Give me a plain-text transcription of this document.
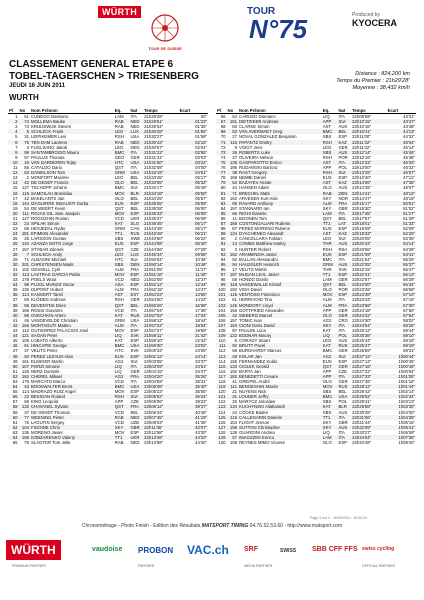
WÜRTH
TOUR DE SUISSE
TOUR
N°75	Produced by
KYOCERA
CLASSEMENT GENERAL ETAPE 6
TOBEL-TAGERSCHEN > TRIESENBERG
JEUDI 16 JUIN 2011
WURTH
Distance : 824,200 km
Temps du Premier : 21h29'28"
Moyenne : 38,432 km/h
Pl	No	Nom Prénom	Eq.	Nat	Temps	Ecart
1	51	CUNEGO Damiano	LAM	ITA	21h29'28"	00"
2	74	MOLLEMA Bauke	RAB	NED	21h29'51"	01'23"
3	73	KRUIJSWIJK Steven	RAB	NED	21h30'04"	01'36"
4	5	SCHLECK Frank	LEO	LUX	21h30'29"	01'56"
5	31	LEIPHEIMER Levi	RSH	USA	21h30'27"	01'59"
6	76	TEN DAM Laurens	RAB	NED	21h30'43"	02'15"
7	3	FUGLSANG Jakob	LEO	DEN	21h30'57"	02'04"
8	99	SANTAMBROGIO Mauro	BMC	ITA	21h31'23"	02'55"
9	57	PAULUS Thomas	GEO	GER	21h31'31"	03'03"
10	16	VAN GARDEREN Tejay	HTC	USA	21h31'50"	03'22"
11	55	CATALDO Dario	QST	ITA	21h32'08"	04'00"
12	63	DANIELSON Tom	GRM	USA	21h33'19"	04'51"
13	2	MONFORT Maxime	LEO	BEL	21h33'45"	05'17"
14	42	DE GENDT Francis	OLO	BEL	21h33'05"	05'32"
15	127	TSCHOPP Johann	BMC	SUI	21h34'17"	05'49"
16	115	SAMOILAU Branislau	MOV	BLR	21h34'18"	05'50"
17	42	BAKELANTS Jan	OLO	BEL	21h34'25"	05'57"
18	144	IZAGUIRRE INSAUSTI Gorka	EUS	ESP	21h35'05"	05'59"
19	54	DE WEERT Kevin	QST	BEL	21h35'28"	06'00"
20	111	ROJAS GIL Jose Joaquin	MOV	ESP	21h35'33"	06'05"
21	127	ROGOZHIN Rusian	VCD	UKR	21h35'37"	06'09"
22	24	SPILAK Simon	KAT	SLO	21h35'45"	06'17"
23	65	HESJEDAL Ryder	GRM	CAN	21h43'45"	06'17"
24	181	EFIMKIN Alexander	TT1	RUS	21h43'49"	06'21"
25	25	LARSSON Gustav	SBS	SWE	21h43'50"	06'22"
26	142	AZANZA NOTO Jorge	EUS	ESP	21h44'08"	06'40"
27	157	STYBAR Zdenek	QST	CZE	21h44'56"	07'28"
28	7	SCHLECK Andy	LEO	LUX	21h46'34"	09'06"
29	71	ALBASINI Michael	HTC	SUI	21h50'04"	10'36"
30	201	CHRISTENSEN Mads	SBS	DEN	21h50'14"	10'46"
31	102	GESSELL Cyril	ALM	FRA	21h51'05"	11'37"
32	113	LASTRAS GARCIA Pablo	MOV	ESP	21h51'16"	11'48"
33	178	POELS Wout	VCD	NED	21h52'05"	12'37"
34	98	PUJOL MUNOZ Oscar	ASA	ESP	21h52'12"	12'44"
35	136	DUPONT Hubert	ALM	FRA	21h52'15"	12'47"
36	114	KANGERT Tanel	AST	EST	21h54'23"	13'55"
37	56	KLÖDEN Andreas	RSH	GER	21h54'50"	14'22"
38	55	DEVENYNS Dries	QST	BEL	21h56'26"	16'58"
39	166	ROSSI Giovanni	VCD	ITA	21h57'04"	17'36"
40	86	OVECHKIN Artem	KAT	RUS	21h57'02"	17'34"
41	46	VANDEVELDE Christian	GRM	USA	21h58'12"	18'44"
42	166	MONTAGUTI Matteo	ALM	ITA	21h57'22"	19'54"
43	112	GUTIERREZ PALACIOS José	MOV	ESP	21h57'27"	19'59"
44	121	SAGAN Peter	LIQ	SVK	21h58'11"	21'43"
45	105	LOBATO Alberto	KAT	ESP	21h59'10"	22'42"
46	61	HINCAPIE George	BMC	USA	21h59'30"	23'02"
47	37	VELITS Peter	HTC	SVK	22h00'33"	24'05"
48	93	PEREZ LEZAUN Alan	EUS	ESP	22h01'12"	24'14"
49	161	ELMIGER Martin	AG2	SUI	22h03'05"	33'37"
50	107	PORZI Simone	LIQ	ITA	22h03'09"	34'51"
51	126	NERZ Dominik	LIQ	GER	22h04'15"	34'47"
52	162	CHEREL Mikael	AG2	FRA	22h04'20"	35'26"
53	176	MARCATO Marco	VCD	ITA	22h04'59"	35'31"
54	43	BOOKWALTER Brent	BMC	USA	22h05'08"	35'40"
55	114	MADRAZO RUIZ Angel	MOV	ESP	22h05'23"	35'55"
56	22	BESIGAN Roland	RSH	SUI	22h05'52"	36'24"
57	65	KING Leopold	APP	CZE	22h05'06"	39'22"
58	132	CHAVANEL Sylvain	QST	FRA	22h06'12"	39'37"
59	37	DE GENDT Thomas	VCD	BEL	22h06'34"	40'46"
60	77	WEENING Pieter	RAB	NED	22h07'45"	41'19"
61	75	LAGUTIN Sergey	VCD	UZB	22h08'03"	41'35"
62	104	FIGOINE Chris	SKY	GBR	22h11'35"	42'07"
63	135	MORENO Javier	MOV	ESP	22h12'58"	43'30"
64	186	KOBZARENKO Valeriy	TT1	UKR	22h13'48"	44'20"
65	75	SLAGTER Tom Jelte	RAB	NED	22h13'58"	44'30"
Pl	No	Nom Prénom	Eq.	Nat	Temps	Ecart
66	64	CARUSO Damiano	LIQ	ITA	22h09'59"	43'31"
67	151	DIETZIKER Andreas	APP	SUI	22h10'15"	43'47"
68	83	CLARKE Simon	AST	AUS	22h10'16"	43'48"
69	53	VAN AVERMAET Greg	BMC	BEL	22h10'41"	44'13"
70	27	NOVAL GONZALEZ Benjamin	SBS	ESP	22h11'00"	44'32"
71	116	PAPANTZ Dmitry	RSH	KAZ	22h11'32"	45'04"
72	8	VOIGT Jens	LEO	GER	22h11'42"	45'14"
73	26	ROBERTS Luke	SBS	AUS	22h12'14"	45'46"
74	37	OLIVEIRA Nelson	RSH	POR	22h12'16"	45'48"
75	135	GASPAROTTO Enrico	AST	ITA	22h12'23"	46'25"
76	195	RUDAWSKI Bartosz	APP	POL	22h13'00"	46'32"
77	38	RAST Gregory	RSH	SUI	22h13'25"	46'57"
78	168	NEMBI Daniel	EUS	ESP	22h13'40"	47'12"
79	52	BAZAYEV Assan	AST	KAZ	22h14'06"	47'38"
80	44	HANSEN Adam	OLO	AUS	22h14'35"	48'07"
81	71	BRECHEL Matti	RAB	DEN	22h14'41"	48'13"
82	162	ARVESEN Kurt Asle	SKY	NOR	22h14'47"	48'19"
83	89	RAVARD Anthony	ALM	FRA	22h15'17"	50'51"
84	197	STANNARD Ian	SKY	GBR	22h15'30"	51'02"
85	66	RIGHI Daniele	LAM	ITA	22h17'45"	51'17"
86	11	BOONEN Tom	QST	BEL	22h17'57"	51'29"
87	165	COSTONGALIARI Rubens	TT1	LAT	22h18'01"	51'33"
88	87	PEREZ MORENO Rubens	EUS	ESP	22h18'09"	52'08"
89	134	DYACHENKO Alexandr	AST	KAZ	22h18'33"	52'26"
90	2	CANCELLARA Fabian	LEO	SUI	22h20'05"	53'35"
91	14	COMBS Matthew Harley	THR	AUS	22h20'42"	54'14"
92	3	HUNTER Robert	RSH	RSA	22h20'56"	54'28"
93	182	ARAMENDIA Javier	EUS	ESP	22h21'09"	54'41"
94	92	BALLAN Alessandro	BMC	ITA	22h21'54"	55'26"
95	94	HAUSSLER Heinrich	GRM	AUS	22h22'05"	55'37"
96	17	VELITS Martin	THR	SVK	22h22'15"	55'47"
97	187	MUGAN LEAL Javier	TT1	ESP	22h22'41"	56'13"
98	58	HONDO Danilo	LAM	GER	22h22'57"	56'29"
99	118	VANDEWALLE Kristof	QST	BEL	22h23'00"	56'32"
100	182	VIGH David	OLO	POR	22h23'26"	56'58"
101	115	VENTOSO Francisco	MOV	ESP	22h23'38"	57'10"
102	61	HERRIVOID Tino	ALM	ITA	22h23'43"	57'15"
103	145	MONDORY Lloyd	ALM	FRA	22h23'58"	57'30"
104	156	GOTTFRIED Alexander	APP	GER	22h24'18"	57'50"
105	42	SIEBERG Marcel	OLO	GER	22h24'22"	57'54"
106	157	TOMIC Ivan	AG2	CRO	22h24'30"	58'02"
107	153	CIONI Dario David	SKY	ITA	22h24'54"	58'26"
108	87	PAULINI Luca	KAT	ITA	22h25'12"	58'44"
109	122	BODNAR Maciej	LIQ	POL	22h25'38"	59'10"
110	6	CORADY Stuart	LEO	AUS	22h25'44"	59'16"
111	92	BRUTT Pavel	KAT	RUS	22h25'47"	59'19"
112	68	BURGHARDT Marcus	BMC	GER	22h25'59"	59'31"
113	28	KOLAR Jan	AG2	SUI	22h27'12"	1h00'44"
114	155	FERNANDEZ Koldo	EUS	ESP	22h27'13"	1h00'45"
115	133	CIOLEK Gerald	QST	GER	22h27'16"	1h00'48"
116	192	BARTA Jan	APP	CZE	22h27'22"	1h00'54"
117	182	BENEDETTI Cesare	APP	ITA	22h27'33"	1h01'05"
118	41	GREIPEL André	OLO	GER	22h27'46"	1h01'18"
119	111	BENGESHIN Maxim	MOV	RUS	22h28'12"	1h01'44"
120	21	NUYENS Nick	SBS	BEL	22h28'42"	1h02'14"
121	31	LOUDER Jeffry	BMC	USA	22h29'02"	1h02'34"
122	26	MARYCZ Jaroslaw	SBS	POL	22h29'41"	1h03'13"
123	134	KUCHYNSKI Aliaksandr	KAT	BLR	22h29'58"	1h03'30"
124	24	COOKE Baden	SBS	AUS	22h30'28"	1h04'00"
125	115	CALLEGARIN Daniele	TT1	ITA	22h31'06"	1h04'38"
126	153	FLIGHT Jenson	SKY	GBR	22h31'44"	1h05'16"
127	198	SUTTON Christopher	SKY	AUS	22h32'09"	1h05'41"
128	128	GUARDINI Andrea	LIQ	ITA	22h33'27"	1h06'59"
129	57	IMAGZZINI Enrico	LAM	ITA	22h34'04"	1h07'36"
130	108	REYNES MIMO Vicente	OLO	ESP	22h34'48"	1h08'20"
Page 1 sur 2 - 16/06/2011 - 18:02:24
Chronométrage - Photo Finish - Edition des Résultats MATSPORT TIMING 04.76.52.53.60 - http://www.matsport.com
WÜRTH
PREMIUM PARTNER
vaudoise PROBON VAC.ch
PARTNER
SRF
MEDIA PARTNER
SWISS SBB CFF FFS swiss cycling
OFFICIAL PARTNER
